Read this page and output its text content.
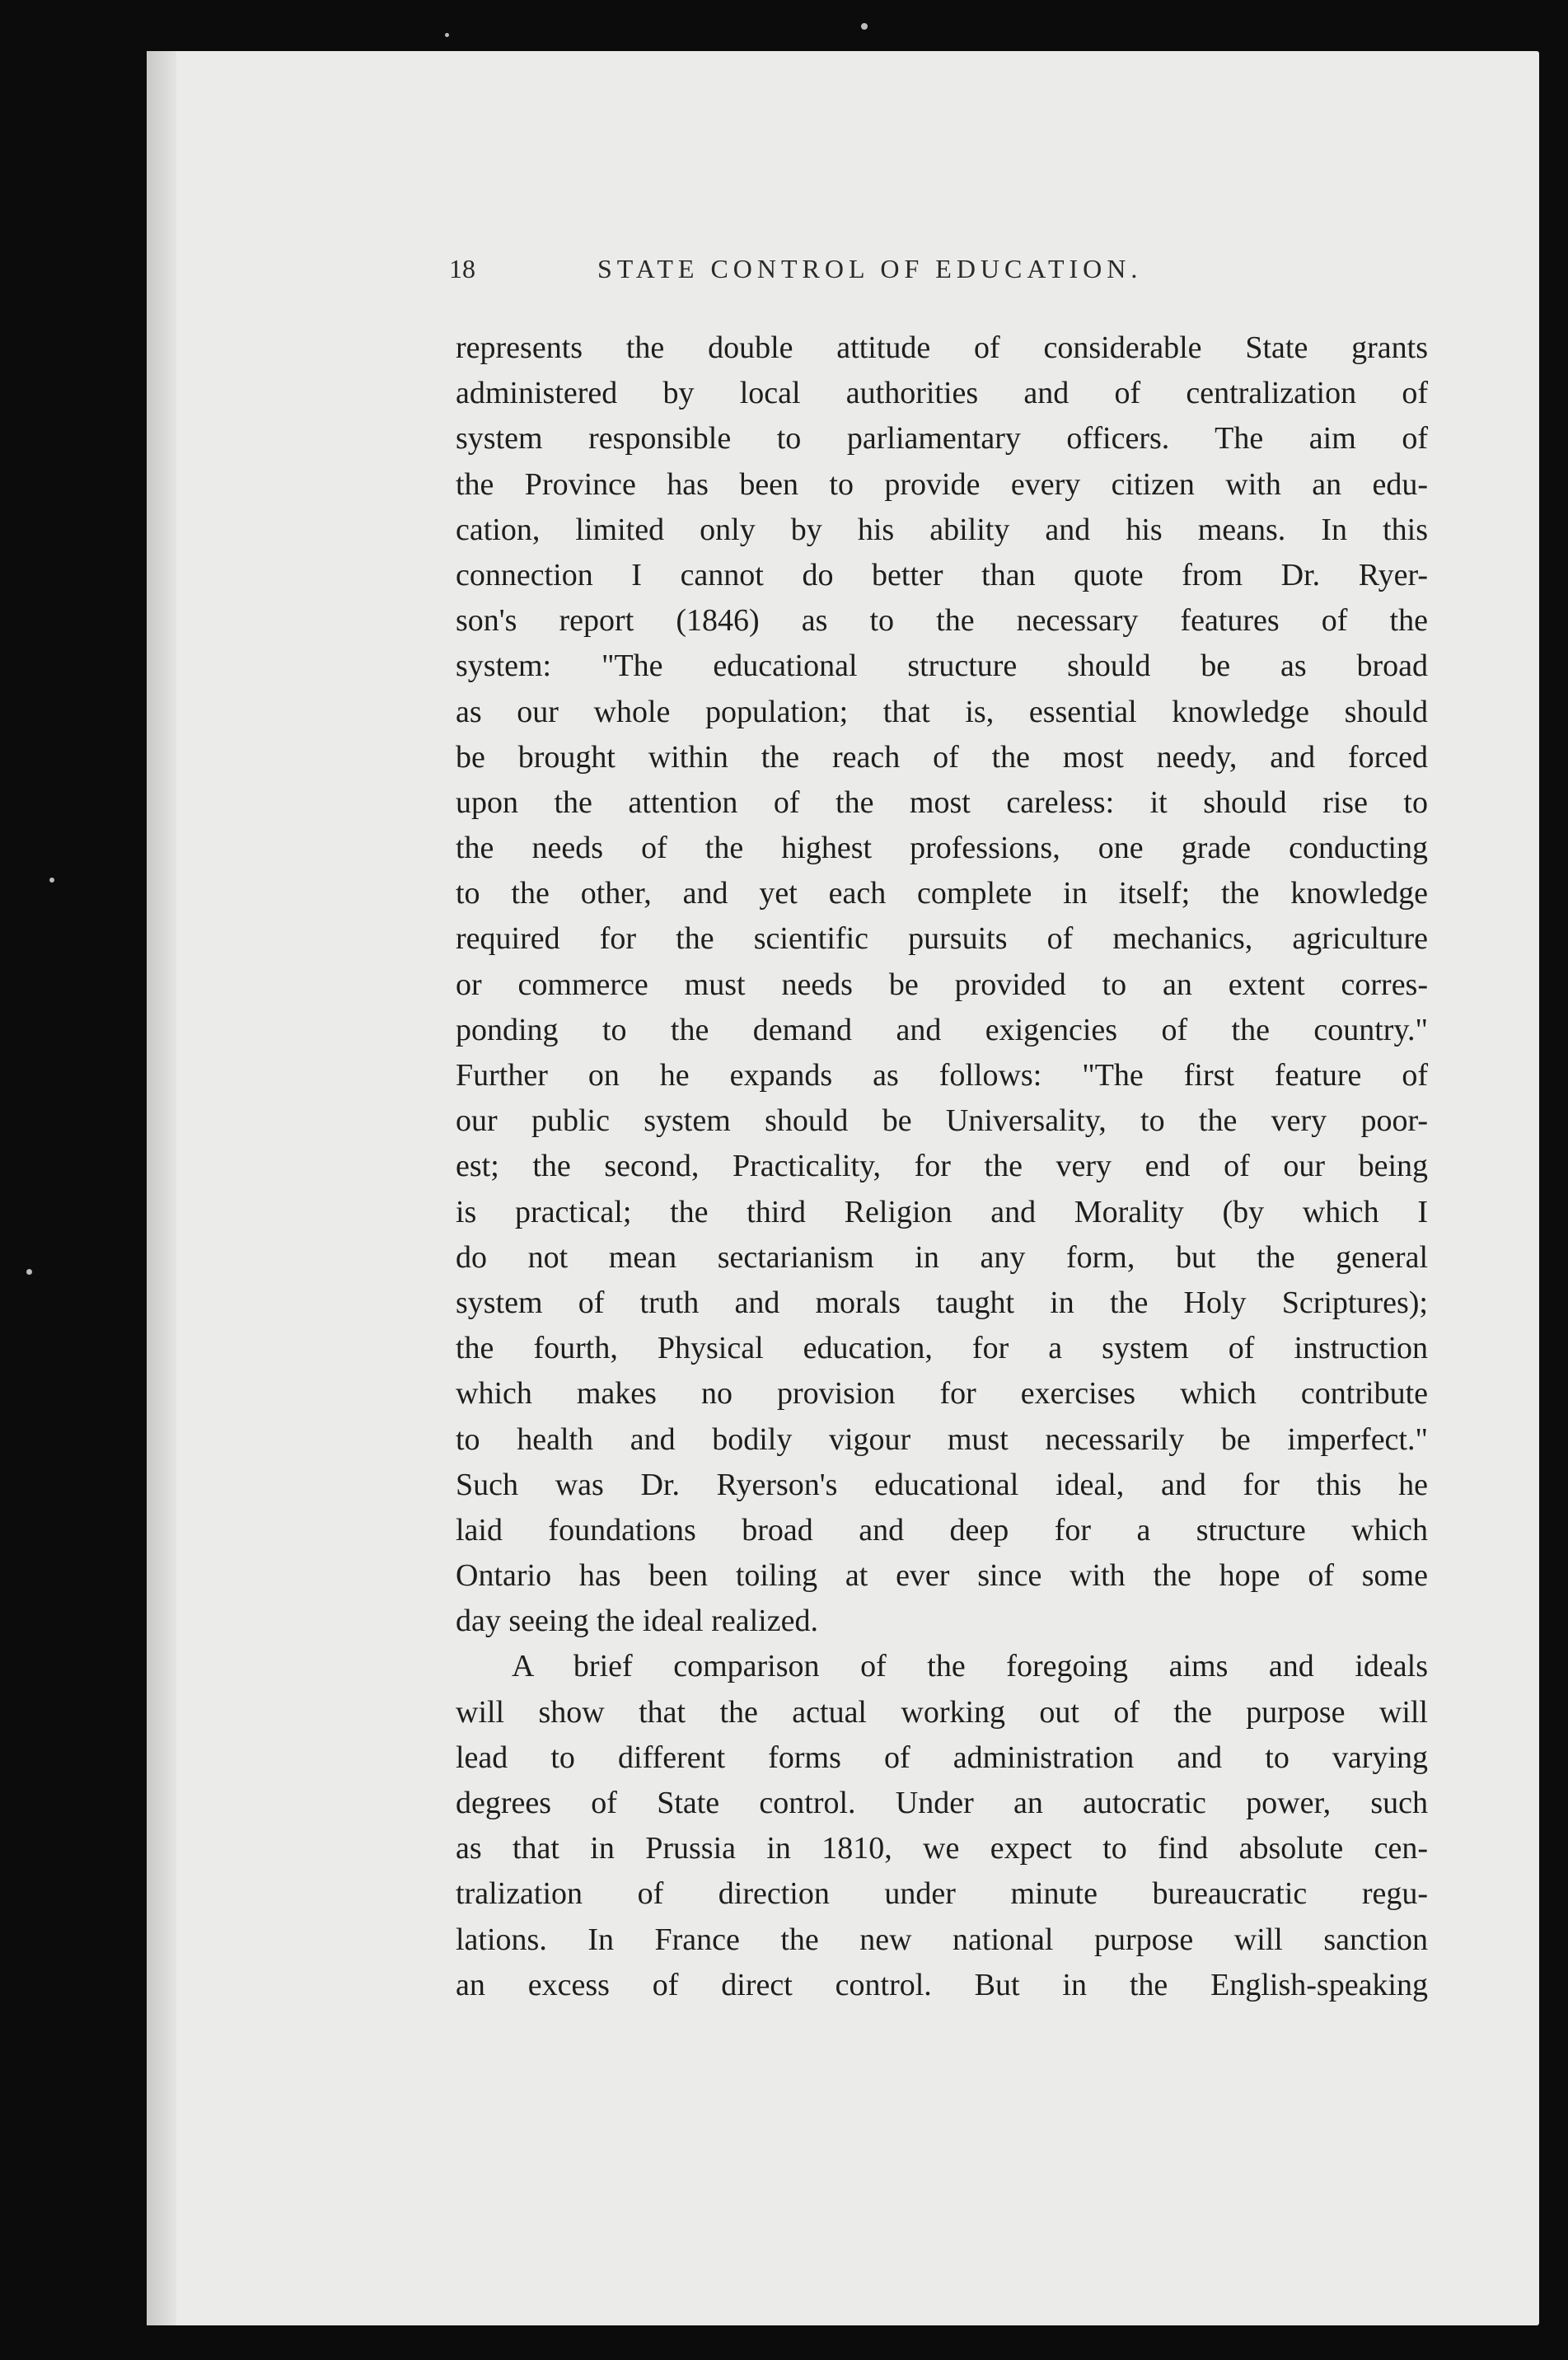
18	STATE CONTROL OF EDUCATION.
represents the double attitude of considerable State grants
administered by local authorities and of centralization of
system responsible to parliamentary officers. The aim of
the Province has been to provide every citizen with an edu-
cation, limited only by his ability and his means. In this
connection I cannot do better than quote from Dr. Ryer-
son's report (1846) as to the necessary features of the
system: "The educational structure should be as broad
as our whole population; that is, essential knowledge should
be brought within the reach of the most needy, and forced
upon the attention of the most careless: it should rise to
the needs of the highest professions, one grade conducting
to the other, and yet each complete in itself; the knowledge
required for the scientific pursuits of mechanics, agriculture
or commerce must needs be provided to an extent corres-
ponding to the demand and exigencies of the country."
Further on he expands as follows: "The first feature of
our public system should be Universality, to the very poor-
est; the second, Practicality, for the very end of our being
is practical; the third Religion and Morality (by which I
do not mean sectarianism in any form, but the general
system of truth and morals taught in the Holy Scriptures);
the fourth, Physical education, for a system of instruction
which makes no provision for exercises which contribute
to health and bodily vigour must necessarily be imperfect."
Such was Dr. Ryerson's educational ideal, and for this he
laid foundations broad and deep for a structure which
Ontario has been toiling at ever since with the hope of some
day seeing the ideal realized.
A brief comparison of the foregoing aims and ideals
will show that the actual working out of the purpose will
lead to different forms of administration and to varying
degrees of State control. Under an autocratic power, such
as that in Prussia in 1810, we expect to find absolute cen-
tralization of direction under minute bureaucratic regu-
lations. In France the new national purpose will sanction
an excess of direct control. But in the English-speaking
